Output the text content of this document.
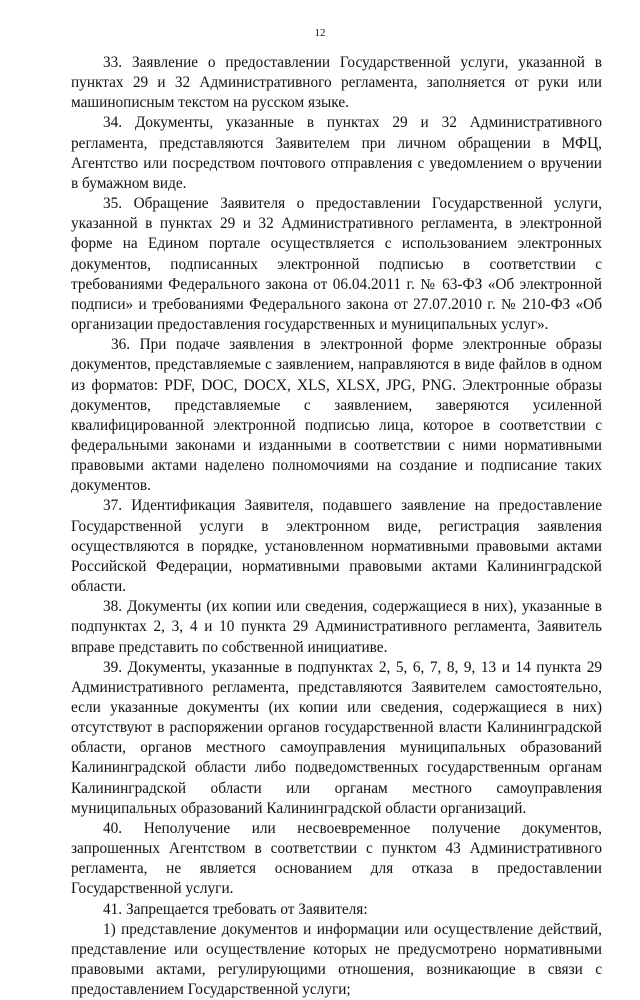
12

33. Заявление о предоставлении Государственной услуги, указанной в пунктах 29 и 32 Административного регламента, заполняется от руки или машинописным текстом на русском языке.

34. Документы, указанные в пунктах 29 и 32 Административного регламента, представляются Заявителем при личном обращении в МФЦ, Агентство или посредством почтового отправления с уведомлением о вручении в бумажном виде.

35. Обращение Заявителя о предоставлении Государственной услуги, указанной в пунктах 29 и 32 Административного регламента, в электронной форме на Едином портале осуществляется с использованием электронных документов, подписанных электронной подписью в соответствии с требованиями Федерального закона от 06.04.2011 г. № 63-ФЗ «Об электронной подписи» и требованиями Федерального закона от 27.07.2010 г. № 210-ФЗ «Об организации предоставления государственных и муниципальных услуг».

36. При подаче заявления в электронной форме электронные образы документов, представляемые с заявлением, направляются в виде файлов в одном из форматов: PDF, DOC, DOCX, XLS, XLSX, JPG, PNG. Электронные образы документов, представляемые с заявлением, заверяются усиленной квалифицированной электронной подписью лица, которое в соответствии с федеральными законами и изданными в соответствии с ними нормативными правовыми актами наделено полномочиями на создание и подписание таких документов.

37. Идентификация Заявителя, подавшего заявление на предоставление Государственной услуги в электронном виде, регистрация заявления осуществляются в порядке, установленном нормативными правовыми актами Российской Федерации, нормативными правовыми актами Калининградской области.

38. Документы (их копии или сведения, содержащиеся в них), указанные в подпунктах 2, 3, 4 и 10 пункта 29 Административного регламента, Заявитель вправе представить по собственной инициативе.

39. Документы, указанные в подпунктах 2, 5, 6, 7, 8, 9, 13 и 14 пункта 29 Административного регламента, представляются Заявителем самостоятельно, если указанные документы (их копии или сведения, содержащиеся в них) отсутствуют в распоряжении органов государственной власти Калининградской области, органов местного самоуправления муниципальных образований Калининградской области либо подведомственных государственным органам Калининградской области или органам местного самоуправления муниципальных образований Калининградской области организаций.

40. Неполучение или несвоевременное получение документов, запрошенных Агентством в соответствии с пунктом 43 Административного регламента, не является основанием для отказа в предоставлении Государственной услуги.

41. Запрещается требовать от Заявителя:

1) представление документов и информации или осуществление действий, представление или осуществление которых не предусмотрено нормативными правовыми актами, регулирующими отношения, возникающие в связи с предоставлением Государственной услуги;
